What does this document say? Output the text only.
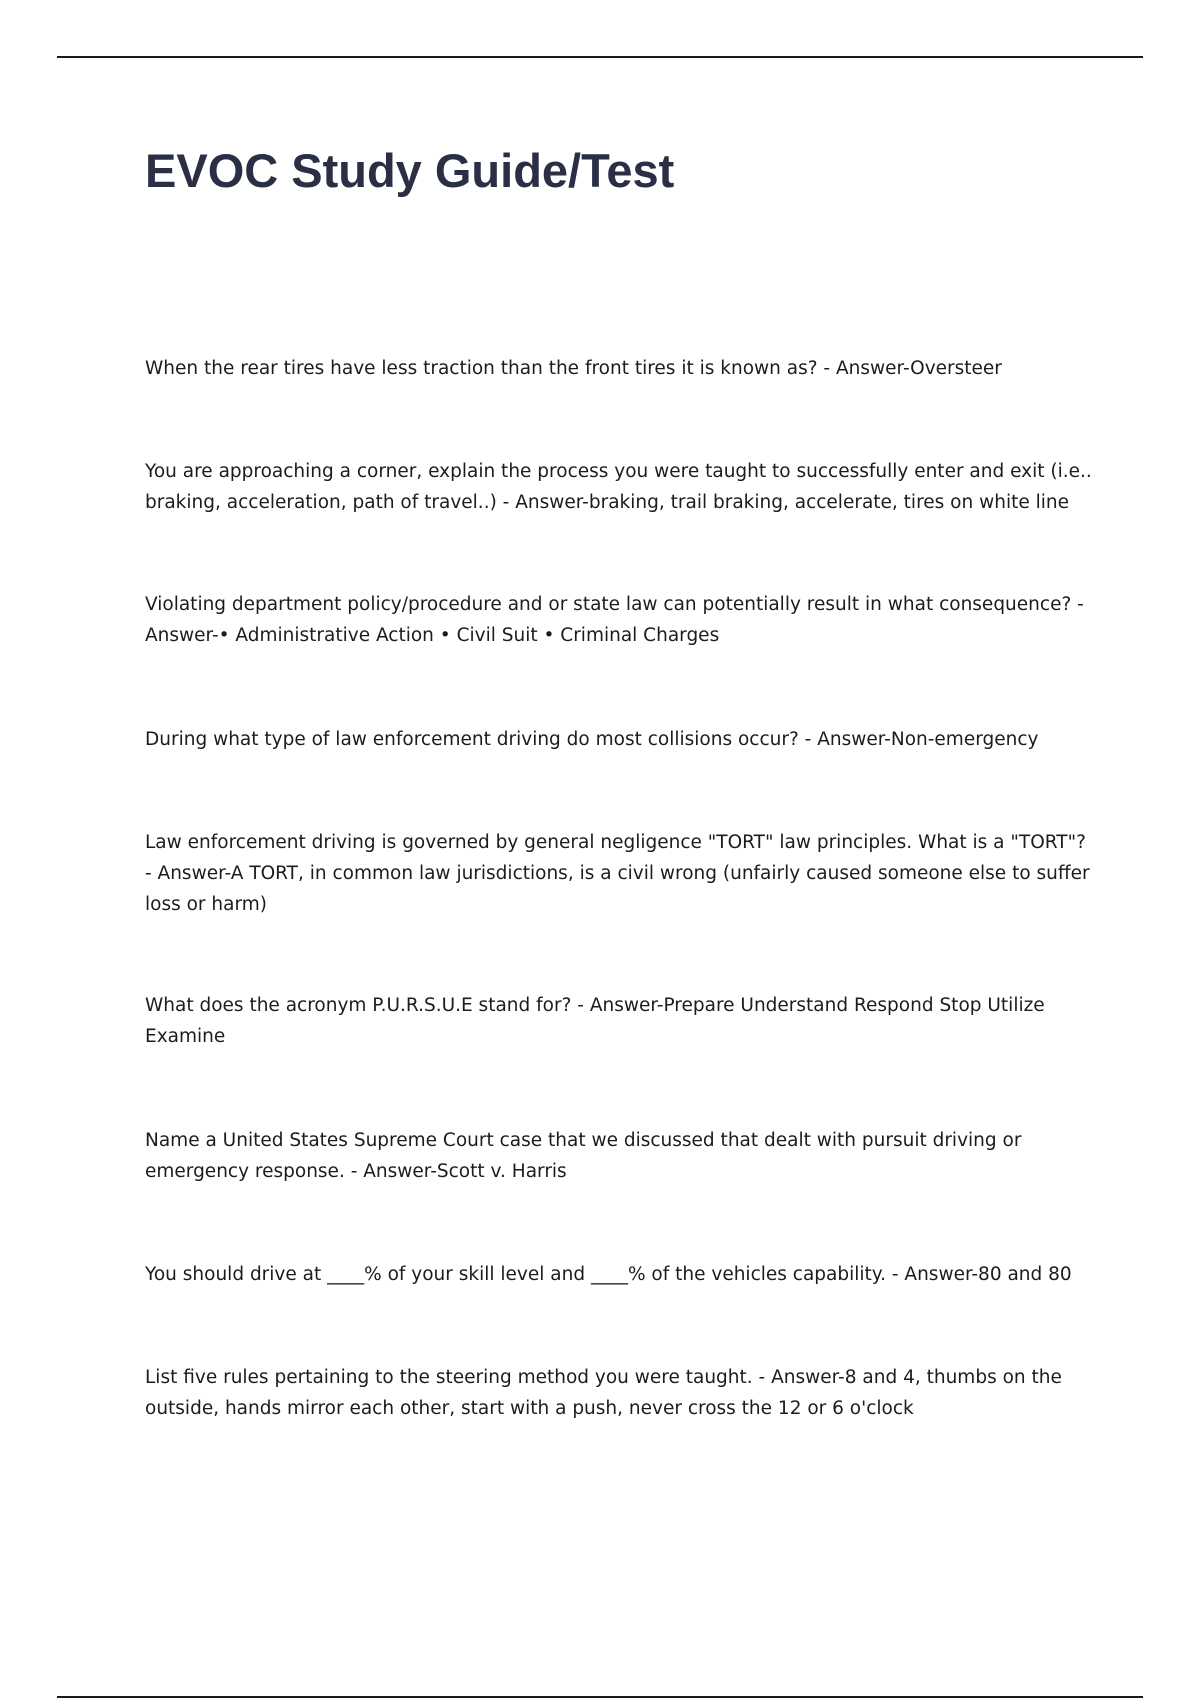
EVOC Study Guide/Test

When the rear tires have less traction than the front tires it is known as? - Answer-Oversteer

You are approaching a corner, explain the process you were taught to successfully enter and exit (i.e.. braking, acceleration, path of travel..) - Answer-braking, trail braking, accelerate, tires on white line

Violating department policy/procedure and or state law can potentially result in what consequence? - Answer-• Administrative Action • Civil Suit • Criminal Charges

During what type of law enforcement driving do most collisions occur? - Answer-Non-emergency

Law enforcement driving is governed by general negligence "TORT" law principles. What is a "TORT"? - Answer-A TORT, in common law jurisdictions, is a civil wrong (unfairly caused someone else to suffer loss or harm)

What does the acronym P.U.R.S.U.E stand for? - Answer-Prepare Understand Respond Stop Utilize Examine

Name a United States Supreme Court case that we discussed that dealt with pursuit driving or emergency response. - Answer-Scott v. Harris

You should drive at ____% of your skill level and ____% of the vehicles capability. - Answer-80 and 80

List five rules pertaining to the steering method you were taught. - Answer-8 and 4, thumbs on the outside, hands mirror each other, start with a push, never cross the 12 or 6 o'clock
